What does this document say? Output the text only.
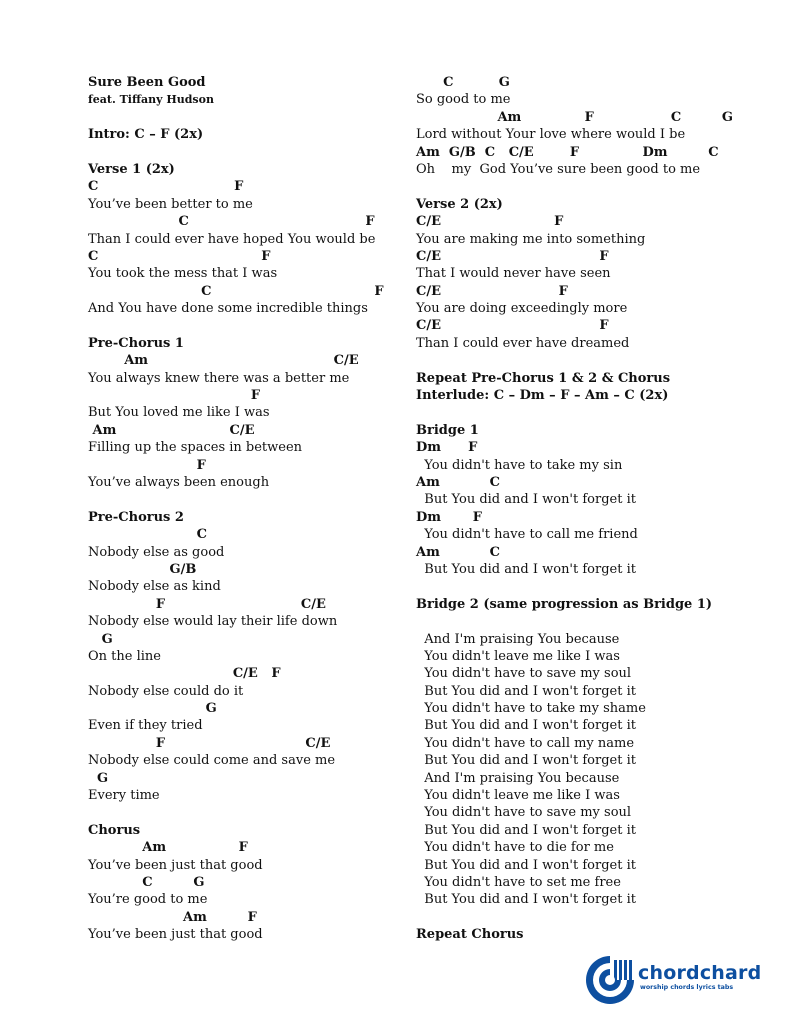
Sure Been Good
feat. Tiffany Hudson
Intro: C – F (2x)
Verse 1 (2x)
C                              F
You’ve been better to me
C                                       F
Than I could ever have hoped You would be
C                                    F
You took the mess that I was
C                                    F
And You have done some incredible things
Pre-Chorus 1
Am                                         C/E
You always knew there was a better me
F
But You loved me like I was
Am                         C/E
Filling up the spaces in between
F
You’ve always been enough
Pre-Chorus 2
C
Nobody else as good
G/B
Nobody else as kind
F                              C/E
Nobody else would lay their life down
G
On the line
C/E   F
Nobody else could do it
G
Even if they tried
F                               C/E
Nobody else could come and save me
G
Every time
Chorus
Am                F
You’ve been just that good
C         G
You’re good to me
Am         F
You’ve been just that good
C          G
So good to me
Am              F                 C         G
Lord without Your love where would I be
Am  G/B  C   C/E        F              Dm         C
Oh    my  God You’ve sure been good to me
Verse 2 (2x)
C/E                         F
You are making me into something
C/E                                   F
That I would never have seen
C/E                          F
You are doing exceedingly more
C/E                                   F
Than I could ever have dreamed
Repeat Pre-Chorus 1 & 2 & Chorus
Interlude: C – Dm – F – Am – C (2x)
Bridge 1
Dm      F
You didn't have to take my sin
Am           C
But You did and I won't forget it
Dm       F
You didn't have to call me friend
Am           C
But You did and I won't forget it
Bridge 2 (same progression as Bridge 1)
And I'm praising You because
You didn't leave me like I was
You didn't have to save my soul
But You did and I won't forget it
You didn't have to take my shame
But You did and I won't forget it
You didn't have to call my name
But You did and I won't forget it
And I'm praising You because
You didn't leave me like I was
You didn't have to save my soul
But You did and I won't forget it
You didn't have to die for me
But You did and I won't forget it
You didn't have to set me free
But You did and I won't forget it
Repeat Chorus
chordchard
worship chords lyrics tabs
